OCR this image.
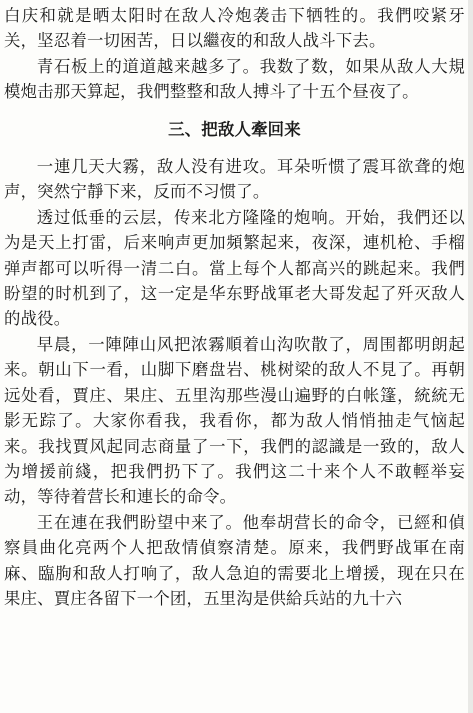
白庆和就是晒太阳时在敌人冷炮袭击下牺牲的。我們咬紧牙关，坚忍着一切困苦，日以繼夜的和敌人战斗下去。

青石板上的道道越来越多了。我数了数，如果从敌人大規模炮击那天算起，我們整整和敌人搏斗了十五个昼夜了。

三、把敌人牽回来

一連几天大霧，敌人没有进攻。耳朵听惯了震耳欲聋的炮声，突然宁靜下来，反而不习惯了。

透过低垂的云层，传来北方隆隆的炮响。开始，我們还以为是天上打雷，后来响声更加頻繁起来，夜深，連机枪、手榴弹声都可以听得一清二白。當上每个人都高兴的跳起来。我們盼望的时机到了，这一定是华东野战軍老大哥发起了歼灭敌人的战役。

早晨，一陣陣山风把浓霧順着山沟吹散了，周围都明朗起来。朝山下一看，山脚下磨盘岩、桃树梁的敌人不見了。再朝远处看，賈庄、果庄、五里沟那些漫山遍野的白帐篷，統統无影无踪了。大家你看我，我看你，都为敌人悄悄抽走气恼起来。我找賈风起同志商量了一下，我們的認識是一致的，敌人为增援前綫，把我們扔下了。我們这二十来个人不敢輕举妄动，等待着营长和連长的命令。

王在連在我們盼望中来了。他奉胡营长的命令，已經和偵察員曲化亮两个人把敌情偵察清楚。原来，我們野战軍在南麻、臨朐和敌人打响了，敌人急迫的需要北上增援，现在只在果庄、賈庄各留下一个团，五里沟是供給兵站的九十六
